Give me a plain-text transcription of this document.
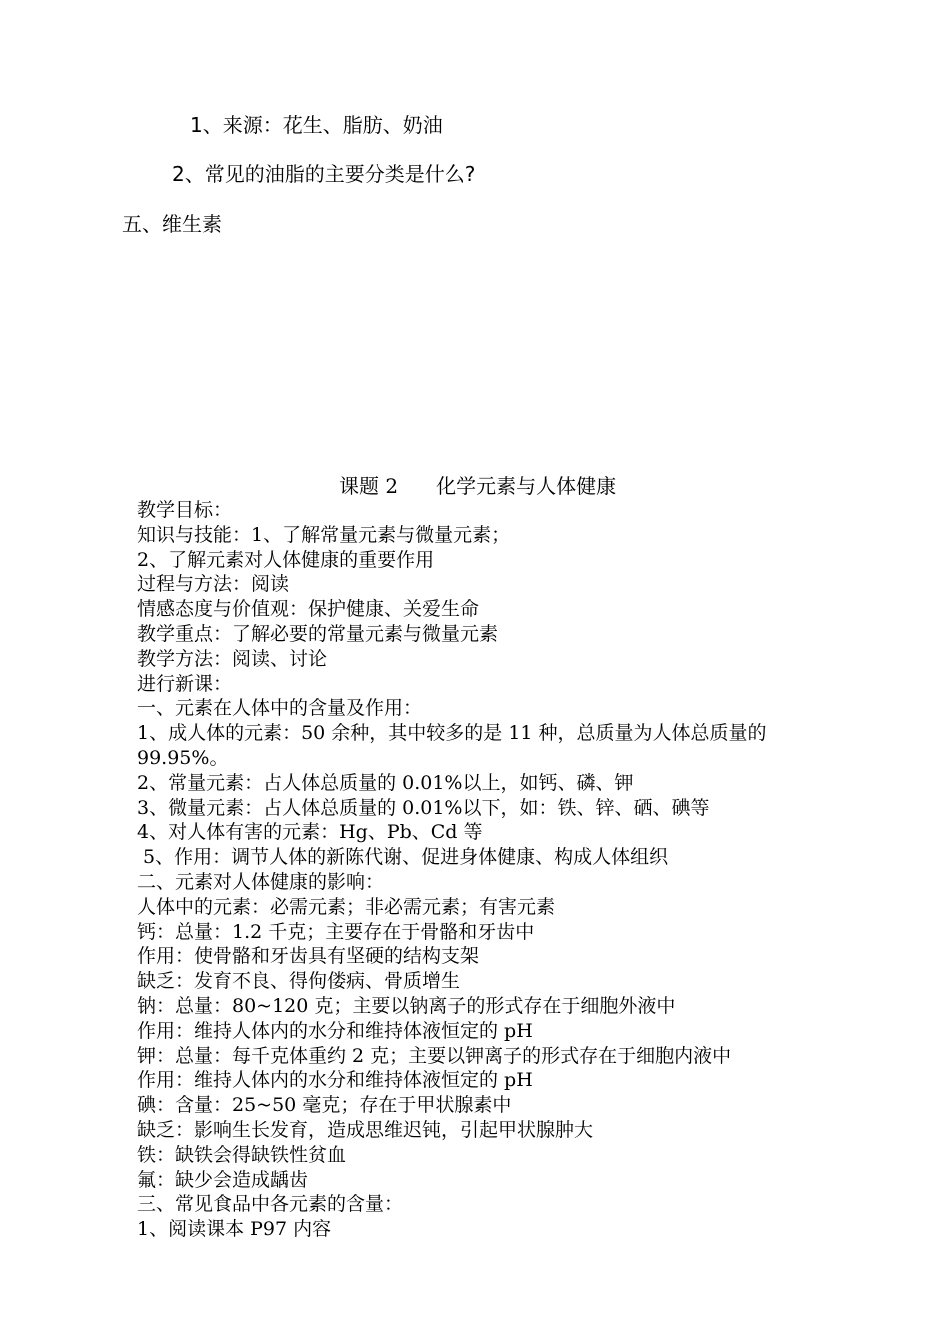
1、来源：花生、脂肪、奶油

2、常见的油脂的主要分类是什么?

五、维生素

课题 2 化学元素与人体健康

教学目标：

知识与技能：1、了解常量元素与微量元素；

2、了解元素对人体健康的重要作用

过程与方法：阅读

情感态度与价值观：保护健康、关爱生命

教学重点：了解必要的常量元素与微量元素

教学方法：阅读、讨论

进行新课：

一、元素在人体中的含量及作用：

1、成人体的元素：50 余种，其中较多的是 11 种，总质量为人体总质量的

99.95%。

2、常量元素：占人体总质量的 0.01%以上，如钙、磷、钾

3、微量元素：占人体总质量的 0.01%以下，如：铁、锌、硒、碘等

4、对人体有害的元素：Hg、Pb、Cd 等

5、作用：调节人体的新陈代谢、促进身体健康、构成人体组织

二、元素对人体健康的影响：

人体中的元素：必需元素；非必需元素；有害元素

钙：总量：1.2 千克；主要存在于骨骼和牙齿中

作用：使骨骼和牙齿具有坚硬的结构支架

缺乏：发育不良、得佝偻病、骨质增生

钠：总量：80~120 克；主要以钠离子的形式存在于细胞外液中

作用：维持人体内的水分和维持体液恒定的 pH

钾：总量：每千克体重约 2 克；主要以钾离子的形式存在于细胞内液中

作用：维持人体内的水分和维持体液恒定的 pH

碘：含量：25~50 毫克；存在于甲状腺素中

缺乏：影响生长发育，造成思维迟钝，引起甲状腺肿大

铁：缺铁会得缺铁性贫血

氟：缺少会造成龋齿

三、常见食品中各元素的含量：

1、阅读课本 P97 内容
